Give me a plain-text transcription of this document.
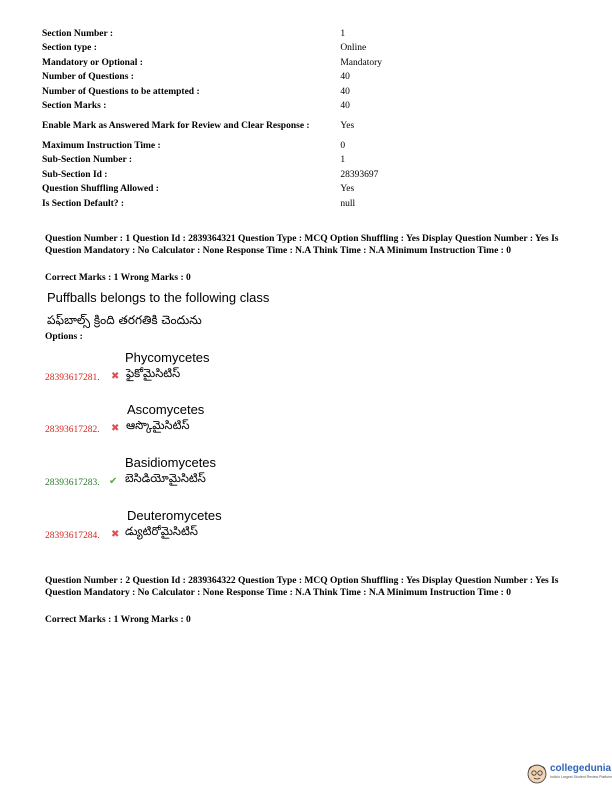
Section Number :	1
Section type :	Online
Mandatory or Optional :	Mandatory
Number of Questions :	40
Number of Questions to be attempted :	40
Section Marks :	40
Enable Mark as Answered Mark for Review and Clear Response :	Yes
Maximum Instruction Time :	0
Sub-Section Number :	1
Sub-Section Id :	28393697
Question Shuffling Allowed :	Yes
Is Section Default? :	null
Question Number : 1 Question Id : 2839364321 Question Type : MCQ Option Shuffling : Yes Display Question Number : Yes Is Question Mandatory : No Calculator : None Response Time : N.A Think Time : N.A Minimum Instruction Time : 0
Correct Marks : 1 Wrong Marks : 0
Puffballs belongs to the following class
పఫ్‌బాల్స్ క్రింది తరగతికి చెందును
Options :
Phycomycetes
ఫైకోమైసిటిస్
28393617281. ✖
Ascomycetes
ఆస్కొమైసిటిస్
28393617282. ✖
Basidiomycetes
బెసిడియోమైసిటిస్
28393617283. ✔
Deuteromycetes
డ్యుటిరోమైసిటిస్
28393617284. ✖
Question Number : 2 Question Id : 2839364322 Question Type : MCQ Option Shuffling : Yes Display Question Number : Yes Is Question Mandatory : No Calculator : None Response Time : N.A Think Time : N.A Minimum Instruction Time : 0
Correct Marks : 1 Wrong Marks : 0
collegedunia
India's Largest Student Review Platform
